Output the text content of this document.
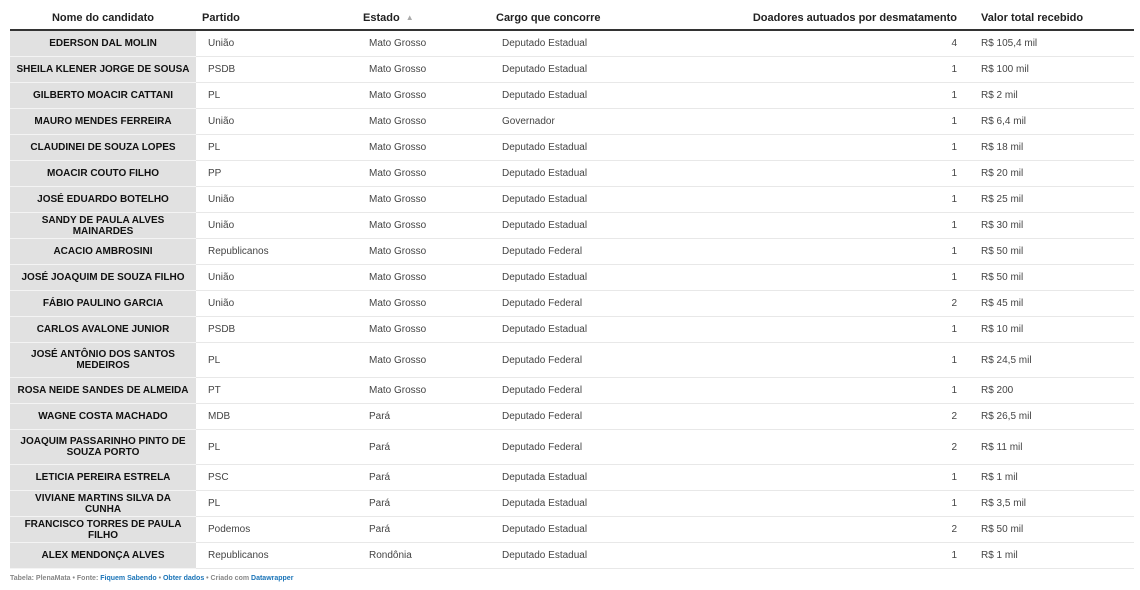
Nome do candidato	Partido	Estado ▲	Cargo que concorre	Doadores autuados por desmatamento	Valor total recebido
EDERSON DAL MOLIN	União	Mato Grosso	Deputado Estadual	4	R$ 105,4 mil
SHEILA KLENER JORGE DE SOUSA	PSDB	Mato Grosso	Deputado Estadual	1	R$ 100 mil
GILBERTO MOACIR CATTANI	PL	Mato Grosso	Deputado Estadual	1	R$ 2 mil
MAURO MENDES FERREIRA	União	Mato Grosso	Governador	1	R$ 6,4 mil
CLAUDINEI DE SOUZA LOPES	PL	Mato Grosso	Deputado Estadual	1	R$ 18 mil
MOACIR COUTO FILHO	PP	Mato Grosso	Deputado Estadual	1	R$ 20 mil
JOSÉ EDUARDO BOTELHO	União	Mato Grosso	Deputado Estadual	1	R$ 25 mil
SANDY DE PAULA ALVES MAINARDES	União	Mato Grosso	Deputado Estadual	1	R$ 30 mil
ACACIO AMBROSINI	Republicanos	Mato Grosso	Deputado Federal	1	R$ 50 mil
JOSÉ JOAQUIM DE SOUZA FILHO	União	Mato Grosso	Deputado Estadual	1	R$ 50 mil
FÁBIO PAULINO GARCIA	União	Mato Grosso	Deputado Federal	2	R$ 45 mil
CARLOS AVALONE JUNIOR	PSDB	Mato Grosso	Deputado Estadual	1	R$ 10 mil
JOSÉ ANTÔNIO DOS SANTOS MEDEIROS	PL	Mato Grosso	Deputado Federal	1	R$ 24,5 mil
ROSA NEIDE SANDES DE ALMEIDA	PT	Mato Grosso	Deputado Federal	1	R$ 200
WAGNE COSTA MACHADO	MDB	Pará	Deputado Federal	2	R$ 26,5 mil
JOAQUIM PASSARINHO PINTO DE SOUZA PORTO	PL	Pará	Deputado Federal	2	R$ 11 mil
LETICIA PEREIRA ESTRELA	PSC	Pará	Deputada Estadual	1	R$ 1 mil
VIVIANE MARTINS SILVA DA CUNHA	PL	Pará	Deputada Estadual	1	R$ 3,5 mil
FRANCISCO TORRES DE PAULA FILHO	Podemos	Pará	Deputado Estadual	2	R$ 50 mil
ALEX MENDONÇA ALVES	Republicanos	Rondônia	Deputado Estadual	1	R$ 1 mil
Tabela: PlenaMata • Fonte: Fiquem Sabendo • Obter dados • Criado com Datawrapper
